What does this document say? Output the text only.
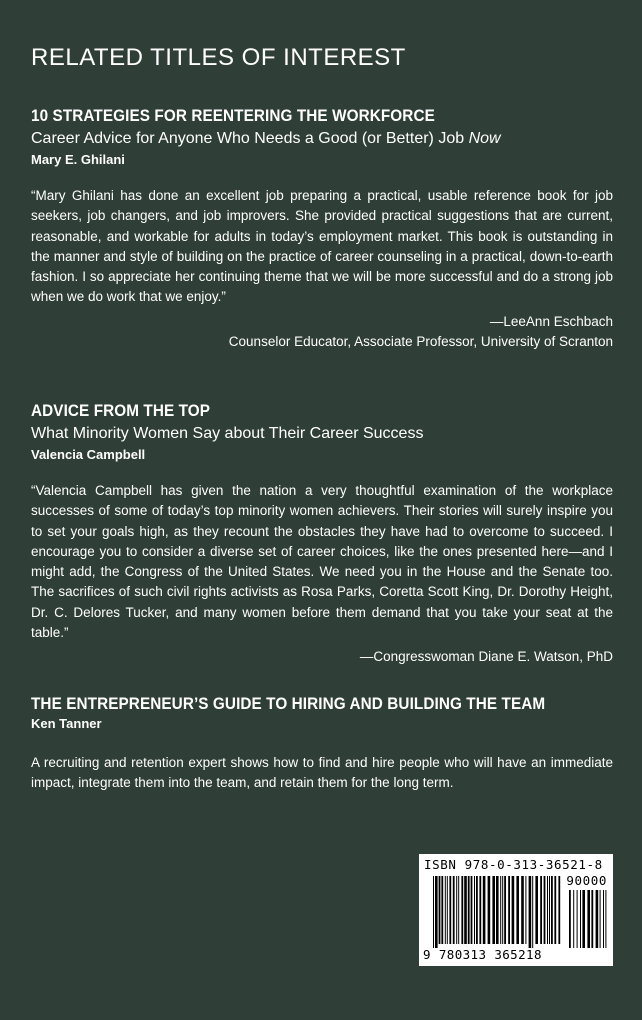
RELATED TITLES OF INTEREST
10 STRATEGIES FOR REENTERING THE WORKFORCE
Career Advice for Anyone Who Needs a Good (or Better) Job Now
Mary E. Ghilani
“Mary Ghilani has done an excellent job preparing a practical, usable reference book for job seekers, job changers, and job improvers. She provided practical suggestions that are current, reasonable, and workable for adults in today’s employment market. This book is outstanding in the manner and style of building on the practice of career counseling in a practical, down-to-earth fashion. I so appreciate her continuing theme that we will be more successful and do a strong job when we do work that we enjoy.”
—LeeAnn Eschbach
Counselor Educator, Associate Professor, University of Scranton
ADVICE FROM THE TOP
What Minority Women Say about Their Career Success
Valencia Campbell
“Valencia Campbell has given the nation a very thoughtful examination of the workplace successes of some of today’s top minority women achievers. Their stories will surely inspire you to set your goals high, as they recount the obstacles they have had to overcome to succeed. I encourage you to consider a diverse set of career choices, like the ones presented here—and I might add, the Congress of the United States. We need you in the House and the Senate too. The sacrifices of such civil rights activists as Rosa Parks, Coretta Scott King, Dr. Dorothy Height, Dr. C. Delores Tucker, and many women before them demand that you take your seat at the table.”
—Congresswoman Diane E. Watson, PhD
THE ENTREPRENEUR’S GUIDE TO HIRING AND BUILDING THE TEAM
Ken Tanner
A recruiting and retention expert shows how to find and hire people who will have an immediate impact, integrate them into the team, and retain them for the long term.
ISBN 978-0-313-36521-8
9 780313 365218
90000
